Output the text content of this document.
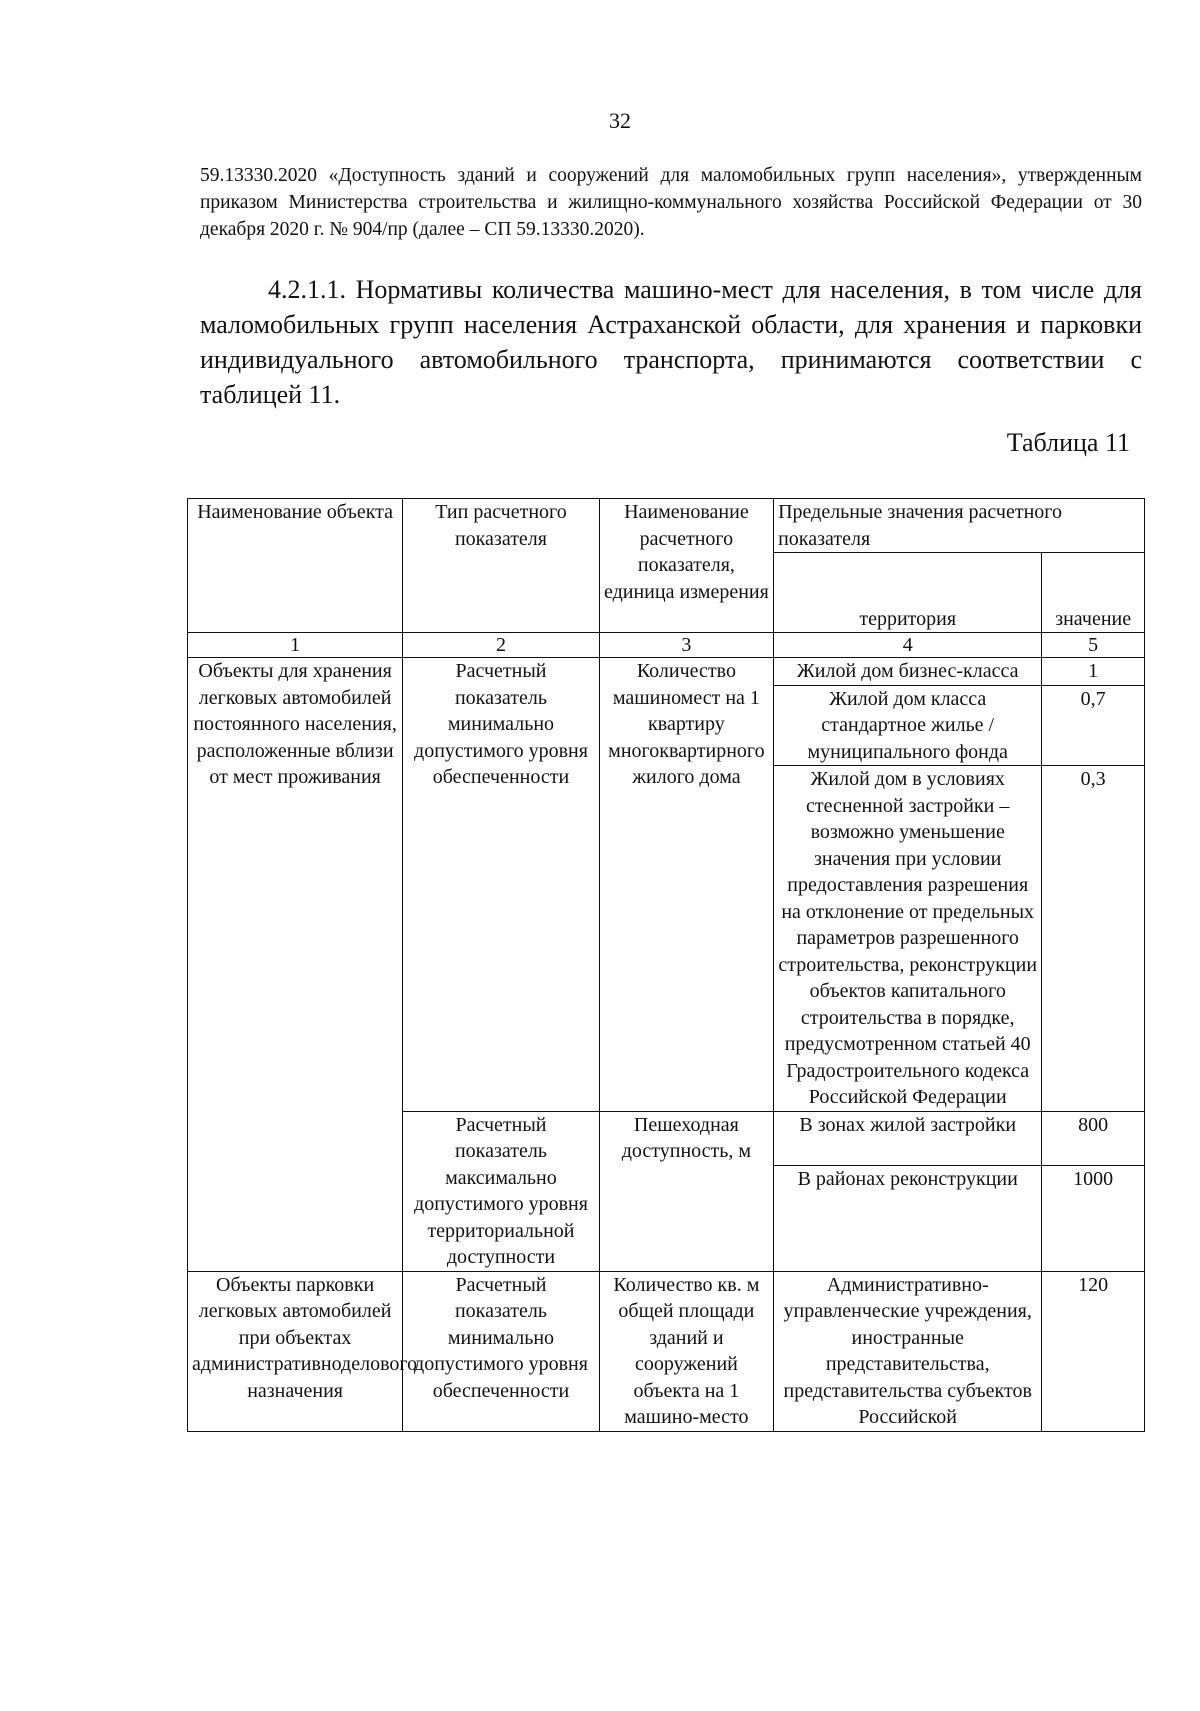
32

59.13330.2020 «Доступность зданий и сооружений для маломобильных групп населения», утвержденным приказом Министерства строительства и жилищно-коммунального хозяйства Российской Федерации от 30 декабря 2020 г. № 904/пр (далее – СП 59.13330.2020).

4.2.1.1. Нормативы количества машино-мест для населения, в том числе для маломобильных групп населения Астраханской области, для хранения и парковки индивидуального автомобильного транспорта, принимаются соответствии с таблицей 11.

Таблица 11
Наименование объекта	Тип расчетного показателя	Наименование расчетного показателя, единица измерения	Предельные значения расчетного показателя	
			территория	значение
1	2	3	4	5
Объекты для хранения легковых автомобилей постоянного населения, расположенные вблизи от мест проживания	Расчетный показатель минимально допустимого уровня обеспеченности	Количество машиномест на 1 квартиру многоквартирного жилого дома	Жилой дом бизнес-класса	1
			Жилой дом класса стандартное жилье / муниципального фонда	0,7
			Жилой дом в условиях стесненной застройки – возможно уменьшение значения при условии предоставления разрешения на отклонение от предельных параметров разрешенного строительства, реконструкции объектов капитального строительства в порядке, предусмотренном статьей 40 Градостроительного кодекса Российской Федерации	0,3
	Расчетный показатель максимально допустимого уровня территориальной доступности	Пешеходная доступность, м	В зонах жилой застройки	800
			В районах реконструкции	1000
Объекты парковки легковых автомобилей при объектах административноделового назначения	Расчетный показатель минимально допустимого уровня обеспеченности	Количество кв. м общей площади зданий и сооружений объекта на 1 машино-место	Административно-управленческие учреждения, иностранные представительства, представительства субъектов Российской	120
